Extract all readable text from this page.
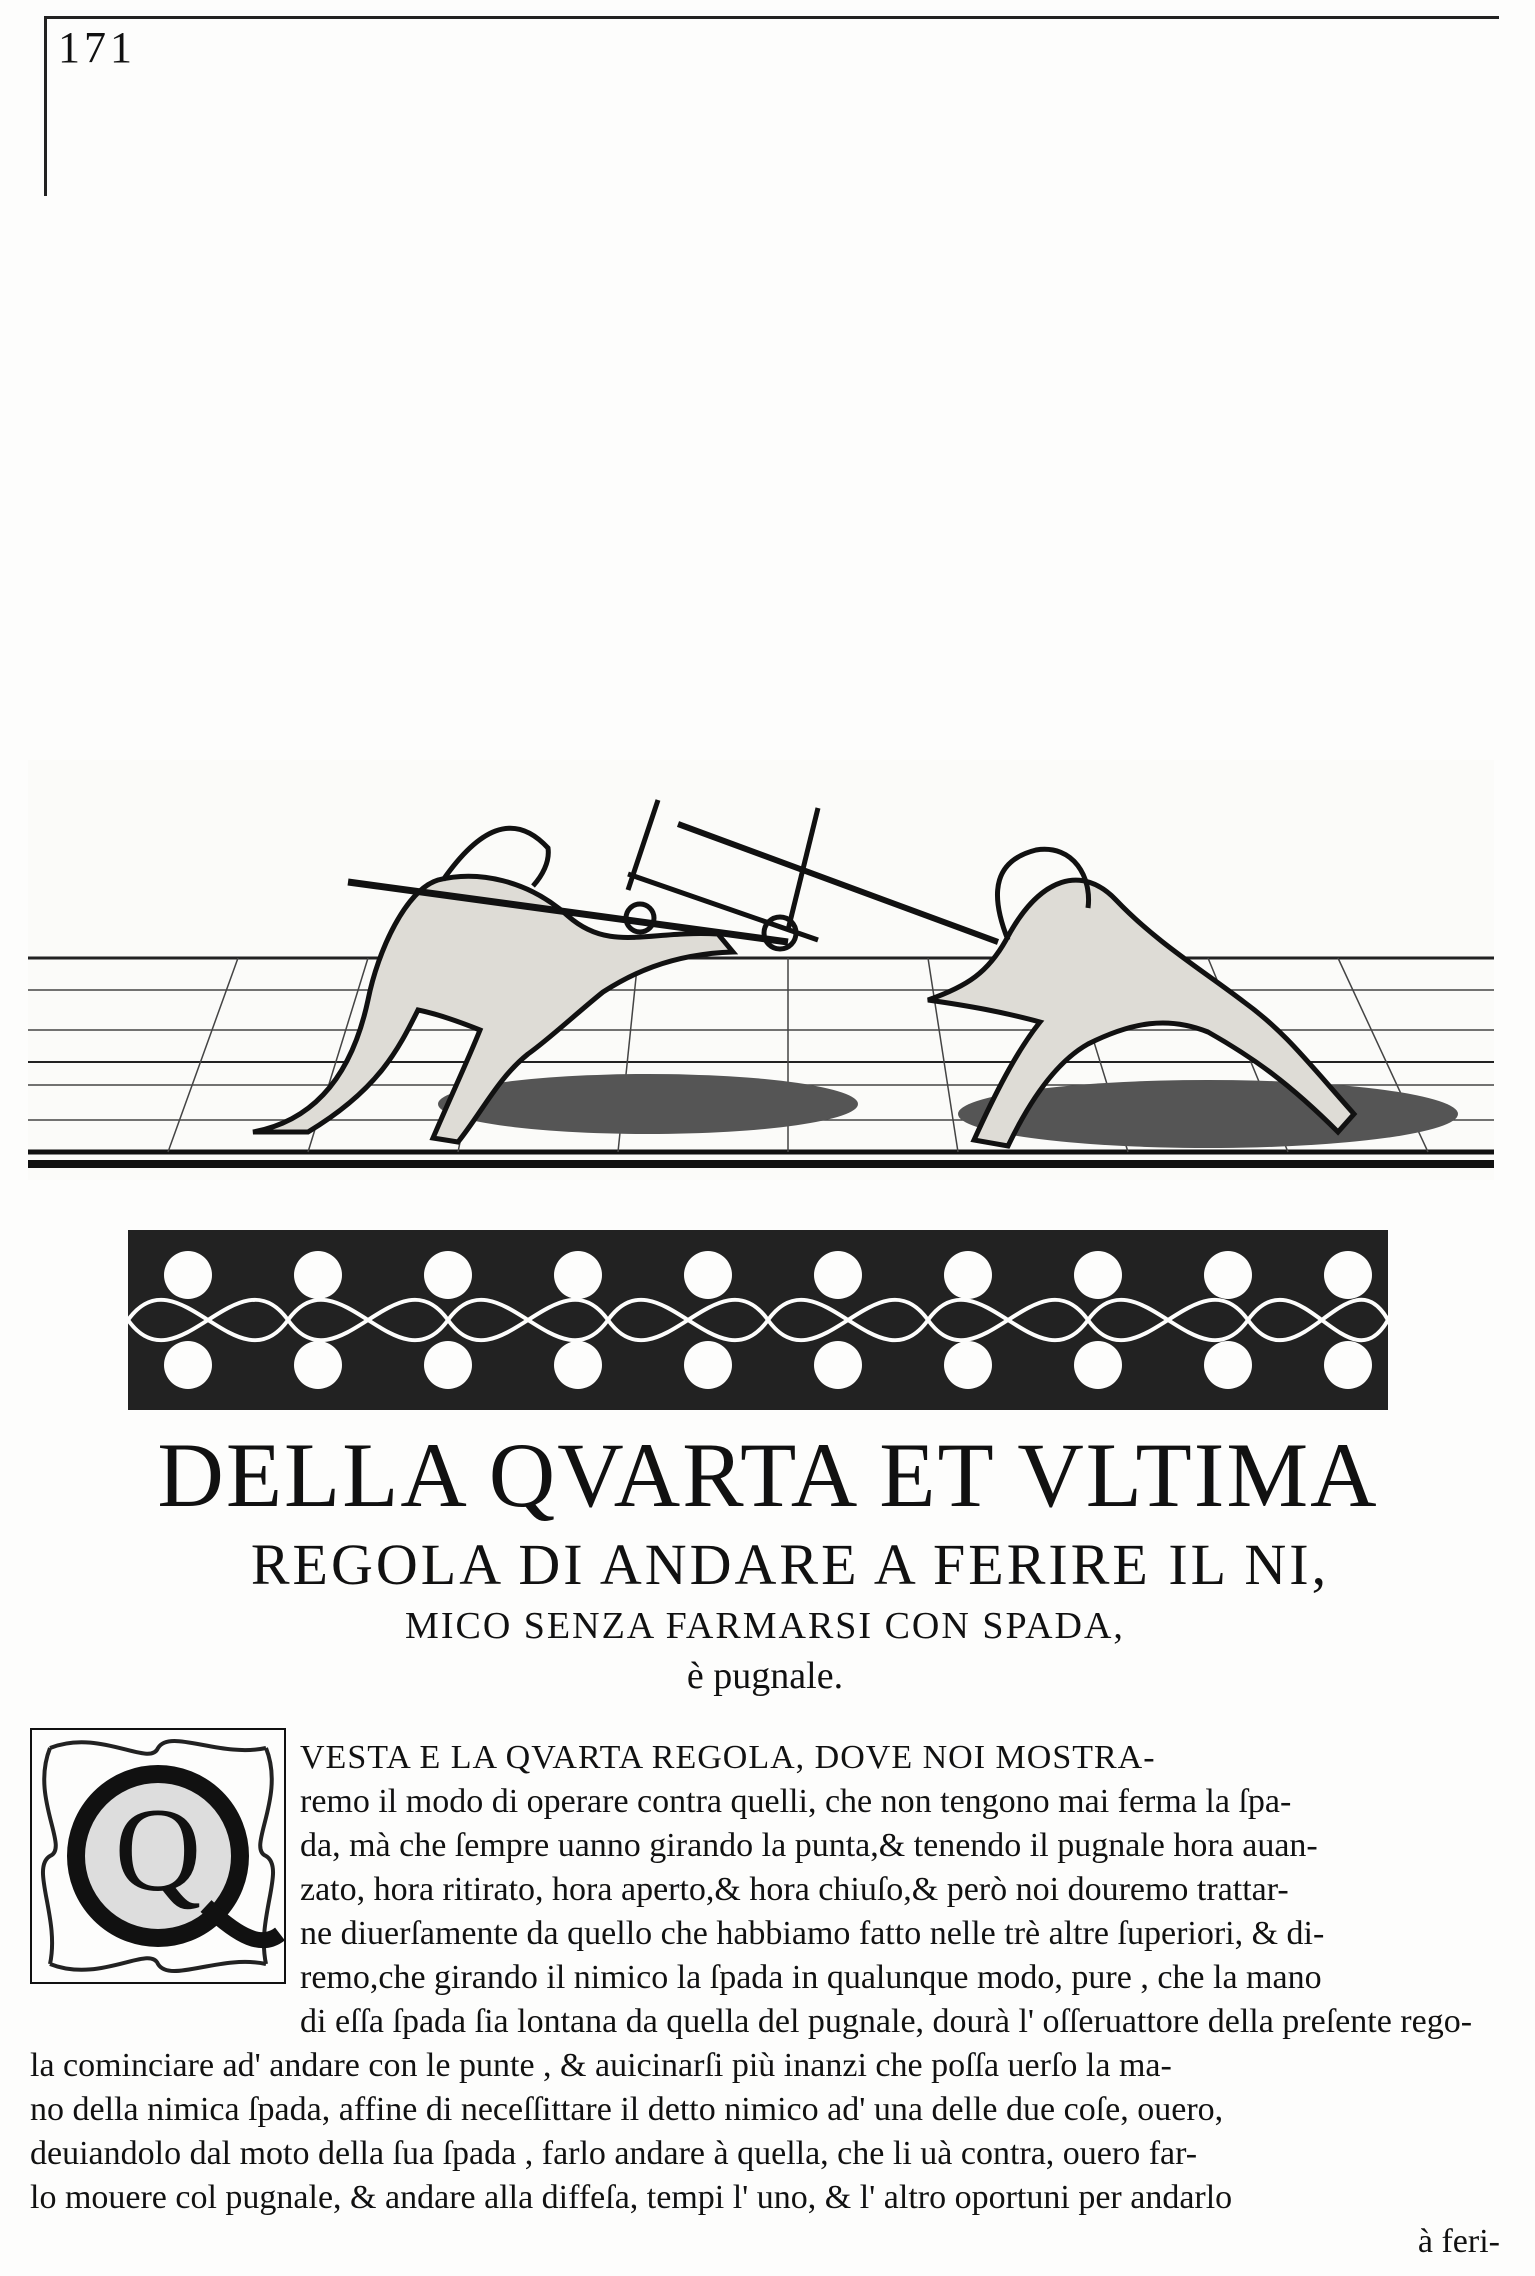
171
DELLA QVARTA ET VLTIMA
REGOLA DI ANDARE A FERIRE IL NI,
MICO SENZA FARMARSI CON SPADA,
è pugnale.
Q
VESTA E LA QVARTA REGOLA, DOVE NOI MOSTRA-
remo il modo di operare contra quelli, che non tengono mai ferma la ſpa-
da, mà che ſempre uanno girando la punta,& tenendo il pugnale hora auan-
zato, hora ritirato, hora aperto,& hora chiuſo,& però noi douremo trattar-
ne diuerſamente da quello che habbiamo fatto nelle trè altre ſuperiori, & di-
remo,che girando il nimico la ſpada in qualunque modo, pure , che la mano
di eſſa ſpada ſia lontana da quella del pugnale, dourà l' oſſeruattore della preſente rego-
la cominciare ad' andare con le punte , & auicinarſi più inanzi che poſſa uerſo la ma-
no della nimica ſpada, affine di neceſſittare il detto nimico ad' una delle due coſe, ouero,
deuiandolo dal moto della ſua ſpada , farlo andare à quella, che li uà contra, ouero far-
lo mouere col pugnale, & andare alla diffeſa, tempi l' uno, & l' altro oportuni per andarlo
à feri-
